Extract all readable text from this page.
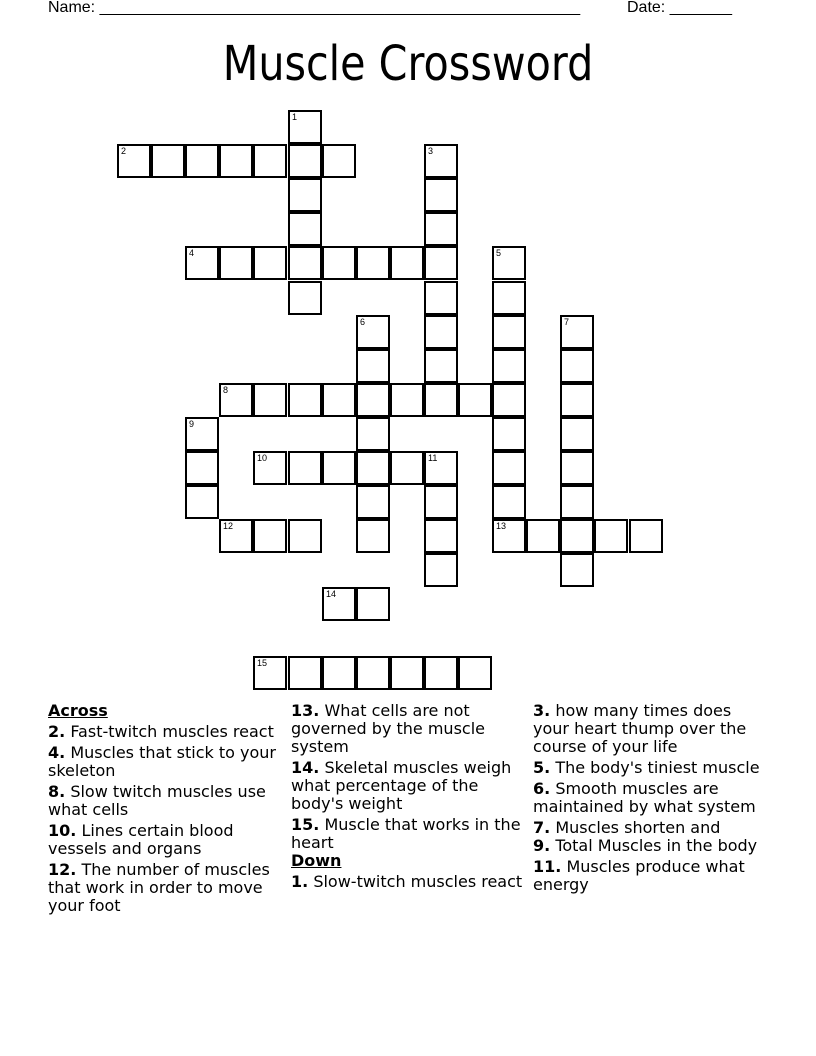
Name: ______________________________________________________	Date: _______
Muscle Crossword
1
2	3
4	5
13
6	7
8
9
10	11
12
14
15
Across
2. Fast-twitch muscles react
4. Muscles that stick to your skeleton
8. Slow twitch muscles use what cells
10. Lines certain blood vessels and organs
12. The number of muscles that work in order to move your foot
13. What cells are not governed by the muscle system
14. Skeletal muscles weigh what percentage of the body's weight
15. Muscle that works in the heart
Down
1. Slow-twitch muscles react
3. how many times does your heart thump over the course of your life
5. The body's tiniest muscle
6. Smooth muscles are maintained by what system
7. Muscles shorten and
9. Total Muscles in the body
11. Muscles produce what energy
